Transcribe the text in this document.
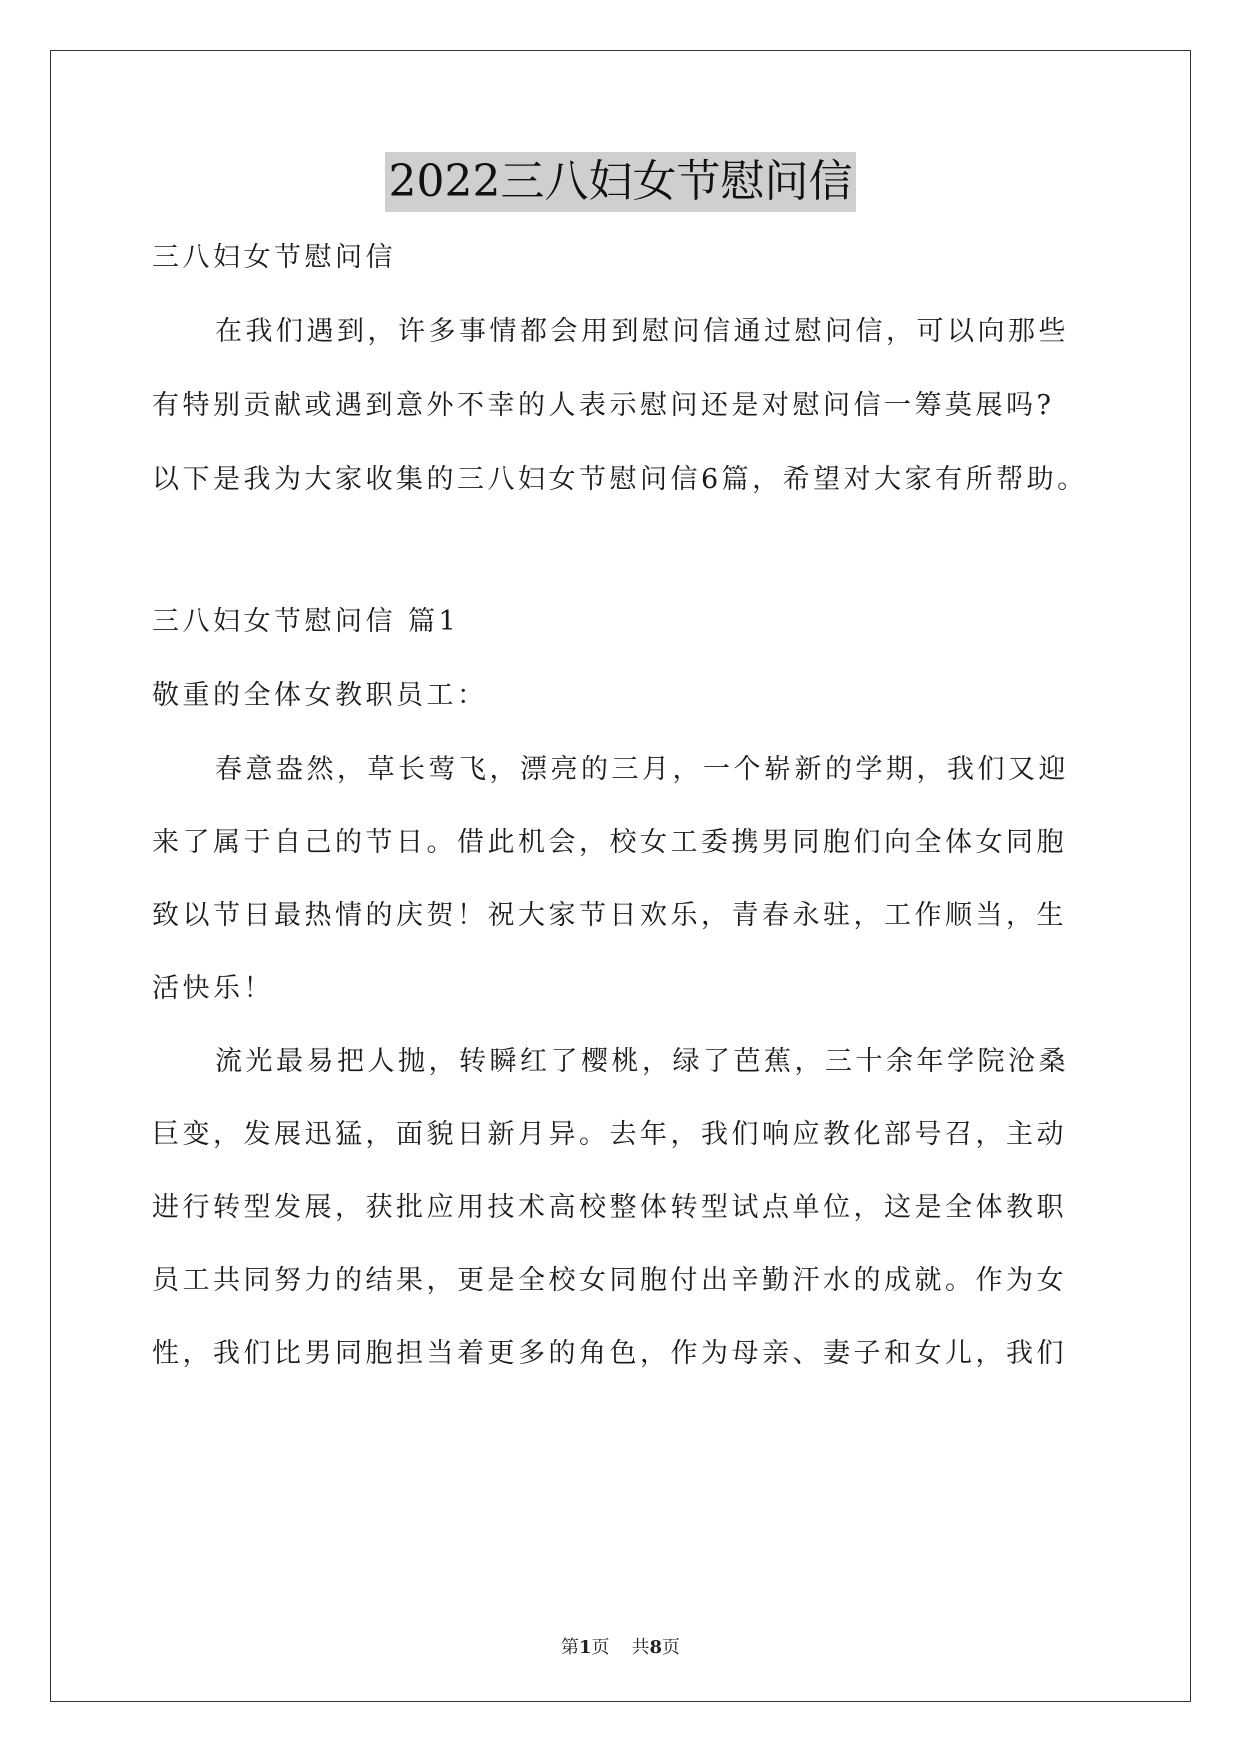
2022三八妇女节慰问信
三八妇女节慰问信
在我们遇到，许多事情都会用到慰问信通过慰问信，可以向那些
有特别贡献或遇到意外不幸的人表示慰问还是对慰问信一筹莫展吗?
以下是我为大家收集的三八妇女节慰问信6篇，希望对大家有所帮助。
三八妇女节慰问信 篇1
敬重的全体女教职员工：
春意盎然，草长莺飞，漂亮的三月，一个崭新的学期，我们又迎
来了属于自己的节日。借此机会，校女工委携男同胞们向全体女同胞
致以节日最热情的庆贺！祝大家节日欢乐，青春永驻，工作顺当，生
活快乐！
流光最易把人抛，转瞬红了樱桃，绿了芭蕉，三十余年学院沧桑
巨变，发展迅猛，面貌日新月异。去年，我们响应教化部号召，主动
进行转型发展，获批应用技术高校整体转型试点单位，这是全体教职
员工共同努力的结果，更是全校女同胞付出辛勤汗水的成就。作为女
性，我们比男同胞担当着更多的角色，作为母亲、妻子和女儿，我们
第1页 共8页
